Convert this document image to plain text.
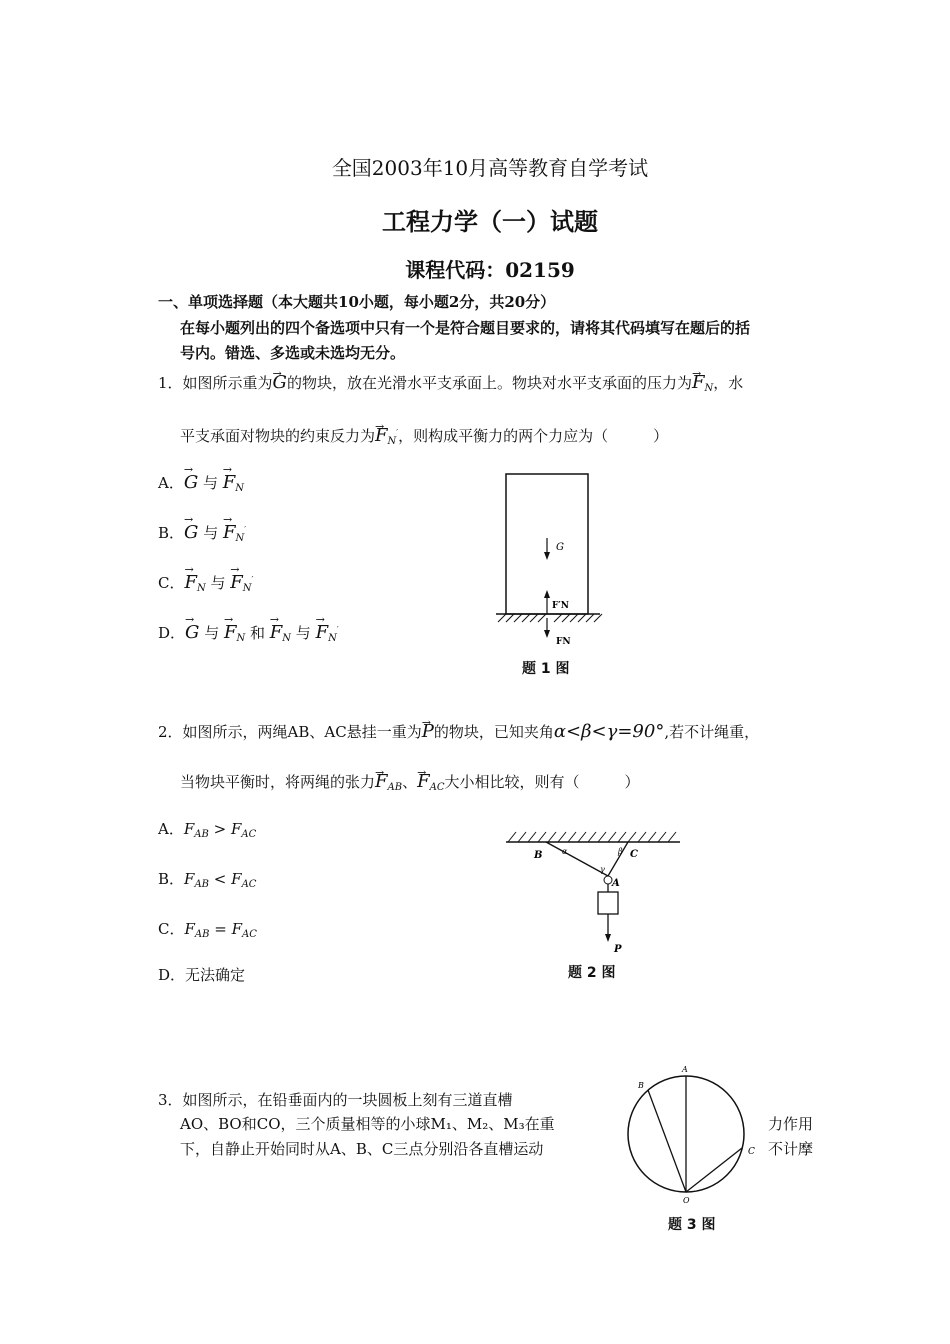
全国2003年10月高等教育自学考试
工程力学（一）试题
课程代码：02159
一、单项选择题（本大题共10小题，每小题2分，共20分）
在每小题列出的四个备选项中只有一个是符合题目要求的，请将其代码填写在题后的括
号内。错选、多选或未选均无分。
1．如图所示重为→ G的物块，放在光滑水平支承面上。物块对水平支承面的压力为→ $F_N$，水
平支承面对物块的约束反力为→ $F_N'$，则构成平衡力的两个力应为（　　　）
A．→ G 与 → $F_N$
B．→ G 与 → $F_N'$
C．→ $F_N$ 与 → $F_N'$
D．→ G 与 → $F_N$ 和 → $F_N$ 与 → $F_N'$
G
F′N
FN
题 1 图
2．如图所示，两绳AB、AC悬挂一重为→ P的物块，已知夹角α<β<γ=90°,若不计绳重，
当物块平衡时，将两绳的张力→ $F_{AB}$、→ $F_{AC}$大小相比较，则有（　　　）
A．$F_{AB} > F_{AC}$
B．$F_{AB} < F_{AC}$
C．$F_{AB} = F_{AC}$
D．无法确定
B	C
A
α	β
γ
P
题 2 图
3．如图所示，在铅垂面内的一块圆板上刻有三道直槽
AO、BO和CO，三个质量相等的小球M₁、M₂、M₃在重
下，自静止开始同时从A、B、C三点分别沿各直槽运动
力作用
不计摩
A
B
C
O
题 3 图
